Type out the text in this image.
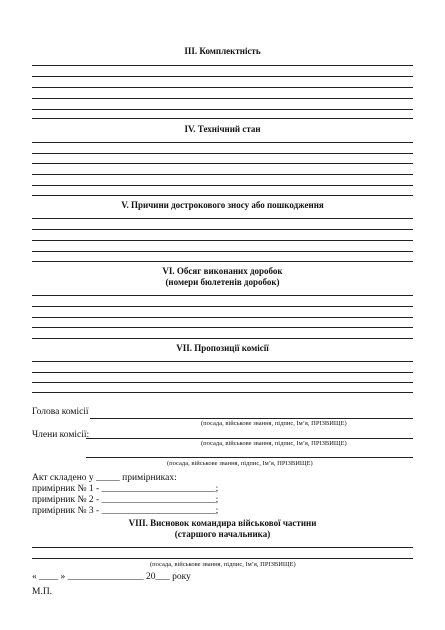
III. Комплектність
IV. Технічний стан
V. Причини дострокового зносу або пошкодження
VI. Обсяг виконаних доробок
(номери бюлетенів доробок)
VII. Пропозиції комісії
Голова комісії
(посада, військове звання, підпис, Ім’я, ПРІЗВИЩЕ)
Члени комісії:
(посада, військове звання, підпис, Ім’я, ПРІЗВИЩЕ)
(посада, військове звання, підпис, Ім’я, ПРІЗВИЩЕ)
Акт складено у _____ примірниках:
примірник № 1 - ________________________;
примірник № 2 - ________________________;
примірник № 3 - ________________________;
VIII. Висновок командира військової частини
(старшого начальника)
(посада, військове звання, підпис, Ім’я, ПРІЗВИЩЕ)
« ____ » ________________ 20___ року
М.П.
